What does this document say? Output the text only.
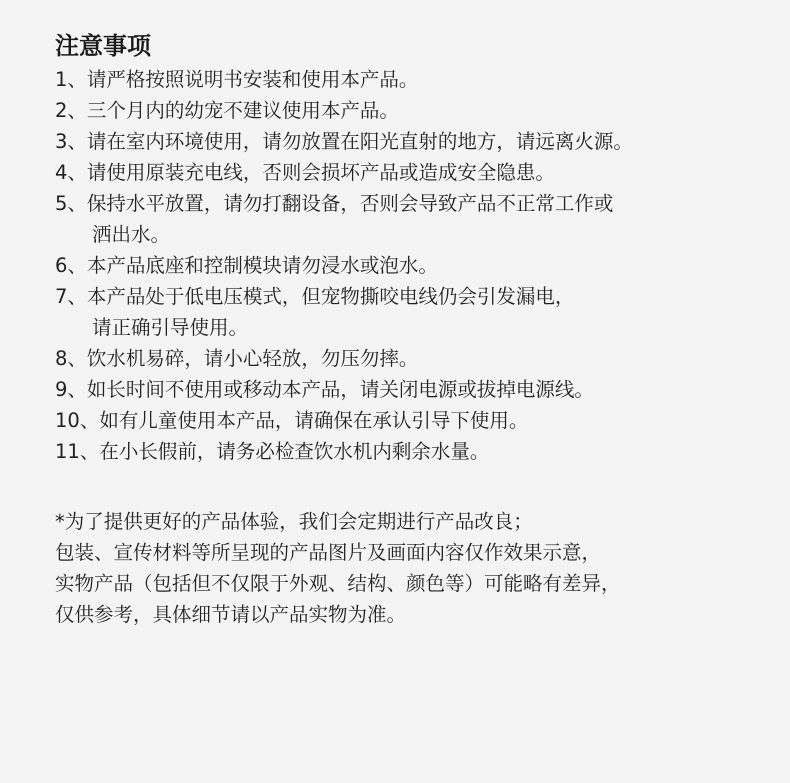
注意事项
1、请严格按照说明书安装和使用本产品。
2、三个月内的幼宠不建议使用本产品。
3、请在室内环境使用，请勿放置在阳光直射的地方，请远离火源。
4、请使用原装充电线，否则会损坏产品或造成安全隐患。
5、保持水平放置，请勿打翻设备，否则会导致产品不正常工作或
洒出水。
6、本产品底座和控制模块请勿浸水或泡水。
7、本产品处于低电压模式，但宠物撕咬电线仍会引发漏电，
请正确引导使用。
8、饮水机易碎，请小心轻放，勿压勿摔。
9、如长时间不使用或移动本产品，请关闭电源或拔掉电源线。
10、如有儿童使用本产品，请确保在承认引导下使用。
11、在小长假前，请务必检查饮水机内剩余水量。
*为了提供更好的产品体验，我们会定期进行产品改良；
包装、宣传材料等所呈现的产品图片及画面内容仅作效果示意，
实物产品（包括但不仅限于外观、结构、颜色等）可能略有差异，
仅供参考，具体细节请以产品实物为准。
